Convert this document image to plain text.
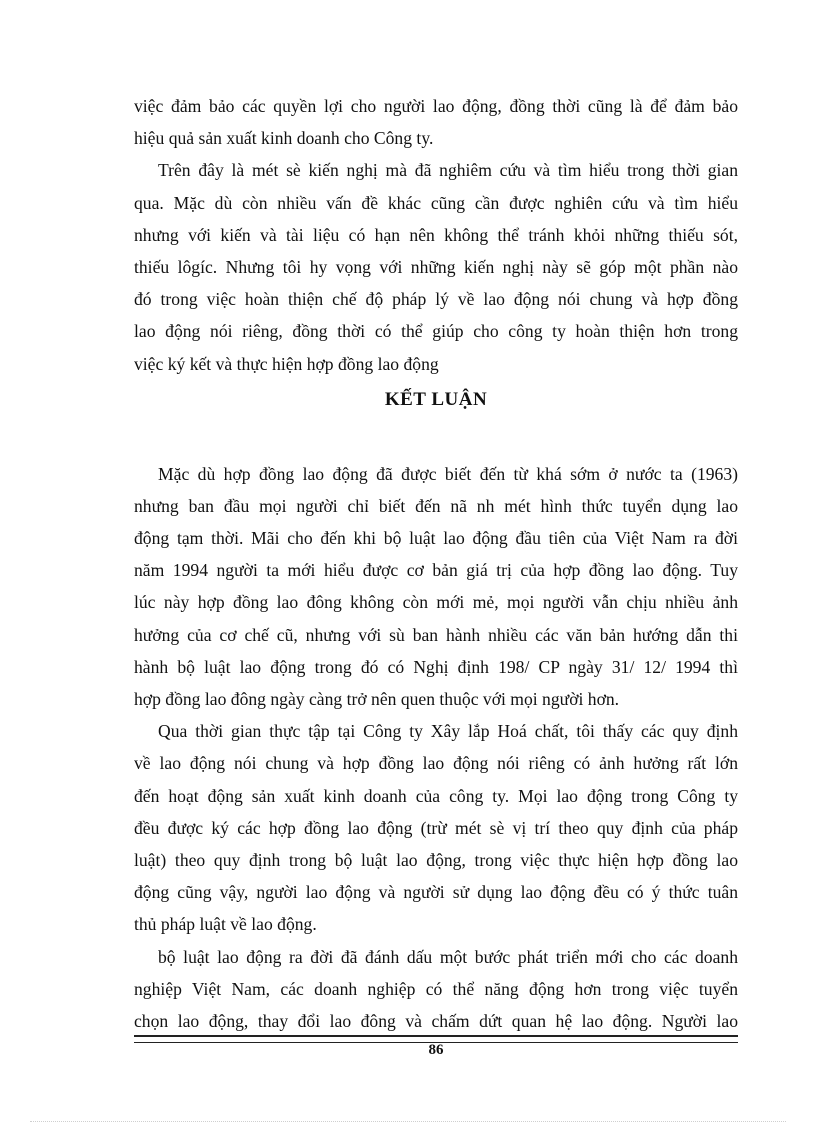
việc đảm bảo các quyền lợi cho người lao động, đồng thời cũng là để đảm bảo
hiệu quả sản xuất kinh doanh cho Công ty.
Trên đây là mét sè kiến nghị mà đã nghiêm cứu và tìm hiểu trong thời gian
qua. Mặc dù còn nhiều vấn đề khác cũng cần được nghiên cứu và tìm hiểu
nhưng với kiến và tài liệu có hạn nên không thể tránh khỏi những thiếu sót,
thiếu lôgíc. Nhưng tôi hy vọng với những kiến nghị này sẽ góp một phần nào
đó trong việc hoàn thiện chế độ pháp lý về lao động nói chung và hợp đồng
lao động nói riêng, đồng thời có thể giúp cho công ty hoàn thiện hơn trong
việc ký kết và thực hiện hợp đồng lao động
KẾT LUẬN
Mặc dù hợp đồng lao động đã được biết đến từ khá sớm ở nước ta (1963)
nhưng ban đầu mọi người chỉ biết đến nã nh mét hình thức tuyển dụng lao
động tạm thời. Mãi cho đến khi bộ luật lao động đầu tiên của Việt Nam ra đời
năm 1994 người ta mới hiểu được cơ bản giá trị của hợp đồng lao động. Tuy
lúc này hợp đồng lao đông không còn mới mẻ, mọi người vẫn chịu nhiều ảnh
hưởng của cơ chế cũ, nhưng với sù ban hành nhiều các văn bản hướng dẫn thi
hành bộ luật lao động trong đó có Nghị định 198/ CP ngày 31/ 12/ 1994 thì
hợp đồng lao đông ngày càng trở nên quen thuộc với mọi người hơn.
Qua thời gian thực tập tại Công ty Xây lắp Hoá chất, tôi thấy các quy định
về lao động nói chung và hợp đồng lao động nói riêng có ảnh hưởng rất lớn
đến hoạt động sản xuất kinh doanh của công ty. Mọi lao động trong Công ty
đều được ký các hợp đồng lao động (trừ mét sè vị trí theo quy định của pháp
luật) theo quy định trong bộ luật lao động, trong việc thực hiện hợp đồng lao
động cũng vậy, người lao động và người sử dụng lao động đều có ý thức tuân
thủ pháp luật về lao động.
bộ luật lao động ra đời đã đánh dấu một bước phát triển mới cho các doanh
nghiệp Việt Nam, các doanh nghiệp có thể năng động hơn trong việc tuyển
chọn lao động, thay đổi lao đông và chấm dứt quan hệ lao động. Người lao
86
